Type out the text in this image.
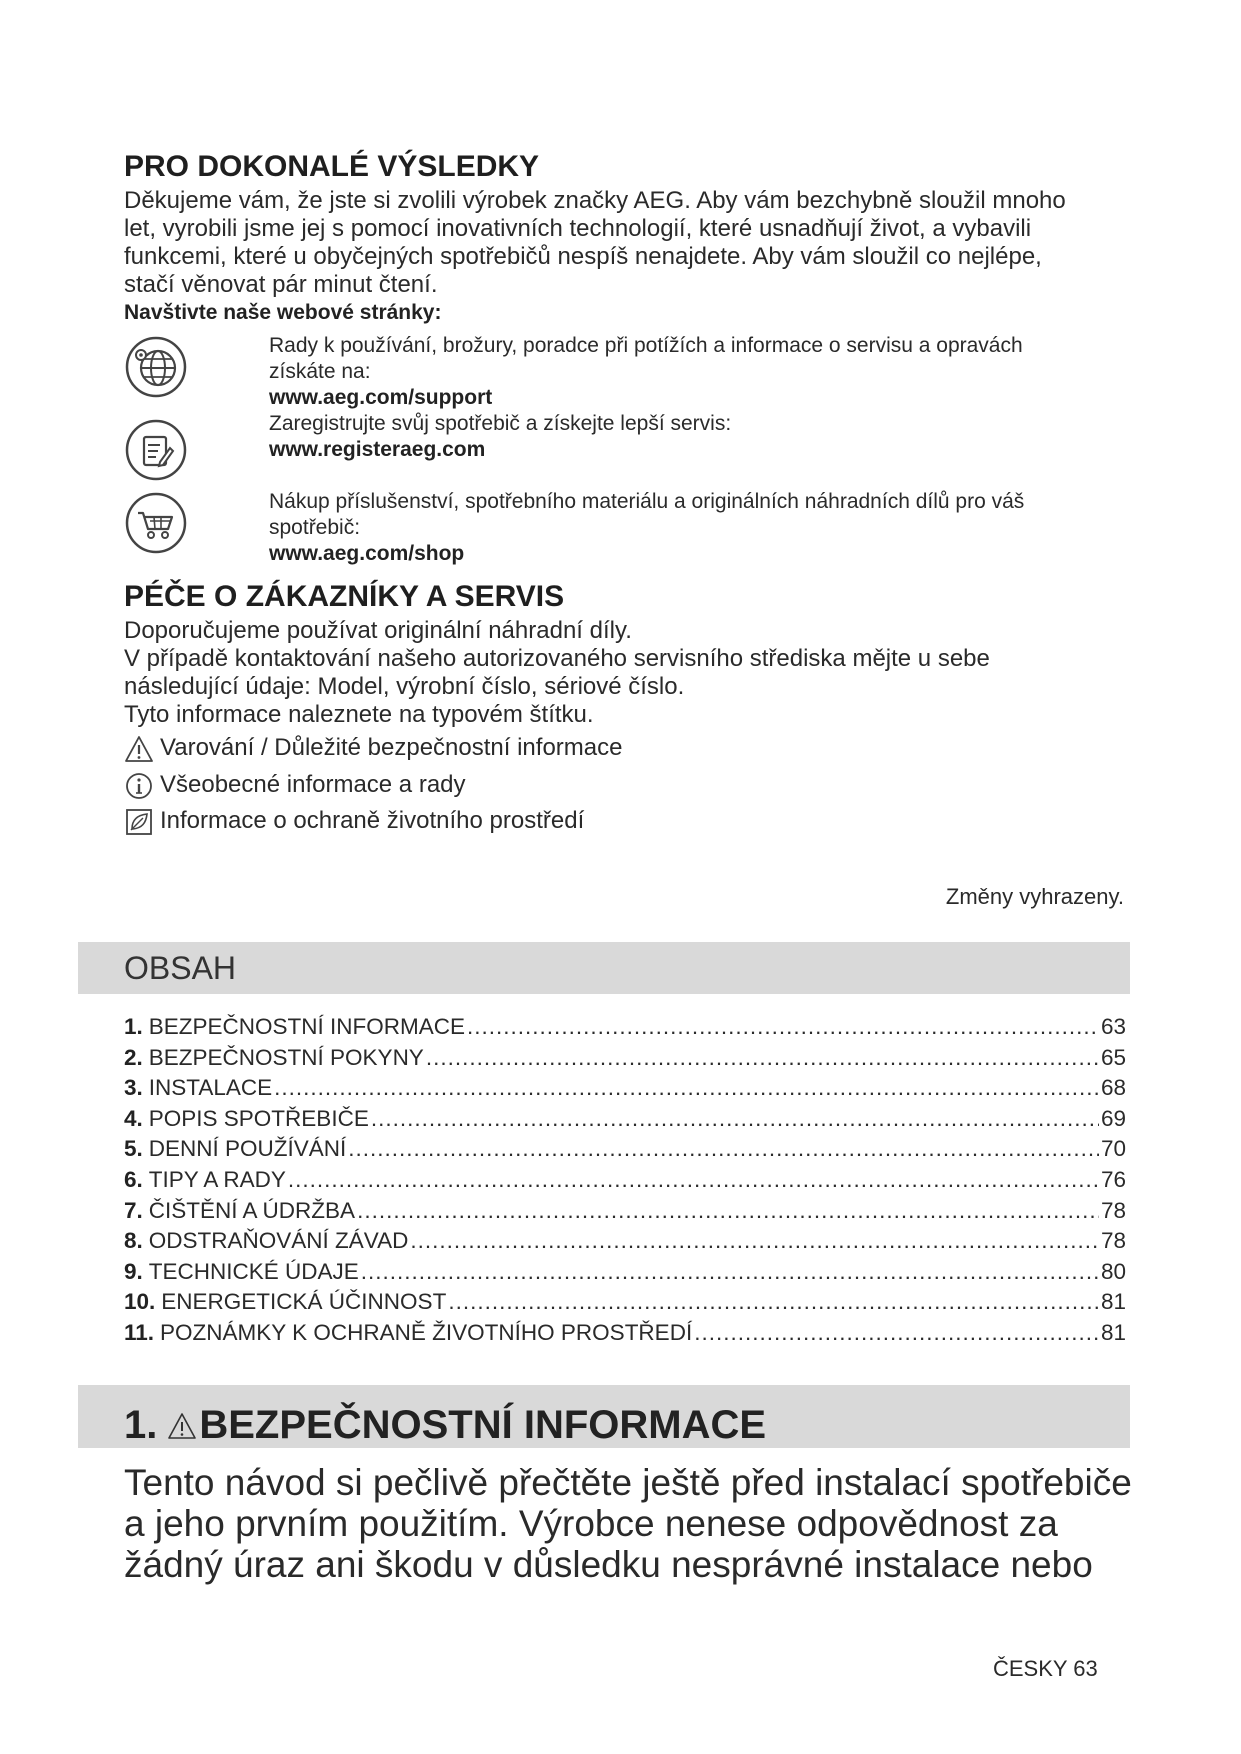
PRO DOKONALÉ VÝSLEDKY
Děkujeme vám, že jste si zvolili výrobek značky AEG. Aby vám bezchybně sloužil mnoho
let, vyrobili jsme jej s pomocí inovativních technologií, které usnadňují život, a vybavili
funkcemi, které u obyčejných spotřebičů nespíš nenajdete. Aby vám sloužil co nejlépe,
stačí věnovat pár minut čtení.
Navštivte naše webové stránky:
Rady k používání, brožury, poradce při potížích a informace o servisu a opravách
získáte na:
www.aeg.com/support
Zaregistrujte svůj spotřebič a získejte lepší servis:
www.registeraeg.com
Nákup příslušenství, spotřebního materiálu a originálních náhradních dílů pro váš
spotřebič:
www.aeg.com/shop
PÉČE O ZÁKAZNÍKY A SERVIS
Doporučujeme používat originální náhradní díly.
V případě kontaktování našeho autorizovaného servisního střediska mějte u sebe
následující údaje: Model, výrobní číslo, sériové číslo.
Tyto informace naleznete na typovém štítku.
Varování / Důležité bezpečnostní informace
Všeobecné informace a rady
Informace o ochraně životního prostředí
Změny vyhrazeny.
OBSAH
1. BEZPEČNOSTNÍ INFORMACE .....	63
2. BEZPEČNOSTNÍ POKYNY .....	65
3. INSTALACE .....	68
4. POPIS SPOTŘEBIČE .....	69
5. DENNÍ POUŽÍVÁNÍ .....	70
6. TIPY A RADY .....	76
7. ČIŠTĚNÍ A ÚDRŽBA .....	78
8. ODSTRAŇOVÁNÍ ZÁVAD .....	78
9. TECHNICKÉ ÚDAJE .....	80
10. ENERGETICKÁ ÚČINNOST .....	81
11. POZNÁMKY K OCHRANĚ ŽIVOTNÍHO PROSTŘEDÍ .....	81
1. BEZPEČNOSTNÍ INFORMACE
Tento návod si pečlivě přečtěte ještě před instalací spotřebiče
a jeho prvním použitím. Výrobce nenese odpovědnost za
žádný úraz ani škodu v důsledku nesprávné instalace nebo
ČESKY 63
